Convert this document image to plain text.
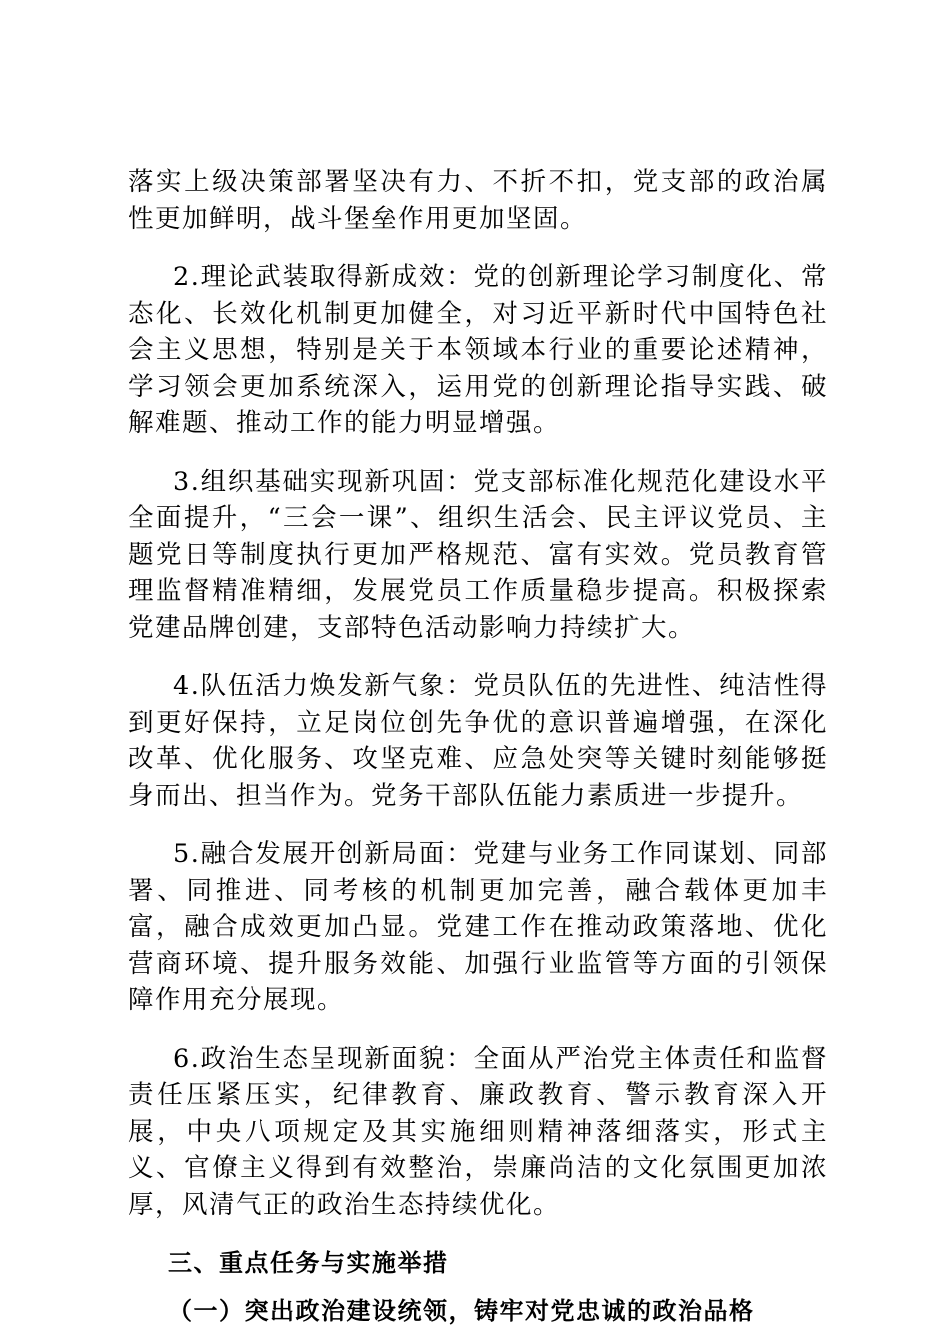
落实上级决策部署坚决有力、不折不扣，党支部的政治属性更加鲜明，战斗堡垒作用更加坚固。

2.理论武装取得新成效：党的创新理论学习制度化、常态化、长效化机制更加健全，对习近平新时代中国特色社会主义思想，特别是关于本领域本行业的重要论述精神，学习领会更加系统深入，运用党的创新理论指导实践、破解难题、推动工作的能力明显增强。

3.组织基础实现新巩固：党支部标准化规范化建设水平全面提升，“三会一课”、组织生活会、民主评议党员、主题党日等制度执行更加严格规范、富有实效。党员教育管理监督精准精细，发展党员工作质量稳步提高。积极探索党建品牌创建，支部特色活动影响力持续扩大。

4.队伍活力焕发新气象：党员队伍的先进性、纯洁性得到更好保持，立足岗位创先争优的意识普遍增强，在深化改革、优化服务、攻坚克难、应急处突等关键时刻能够挺身而出、担当作为。党务干部队伍能力素质进一步提升。

5.融合发展开创新局面：党建与业务工作同谋划、同部署、同推进、同考核的机制更加完善，融合载体更加丰富，融合成效更加凸显。党建工作在推动政策落地、优化营商环境、提升服务效能、加强行业监管等方面的引领保障作用充分展现。

6.政治生态呈现新面貌：全面从严治党主体责任和监督责任压紧压实，纪律教育、廉政教育、警示教育深入开展，中央八项规定及其实施细则精神落细落实，形式主义、官僚主义得到有效整治，崇廉尚洁的文化氛围更加浓厚，风清气正的政治生态持续优化。

三、重点任务与实施举措

（一）突出政治建设统领，铸牢对党忠诚的政治品格
